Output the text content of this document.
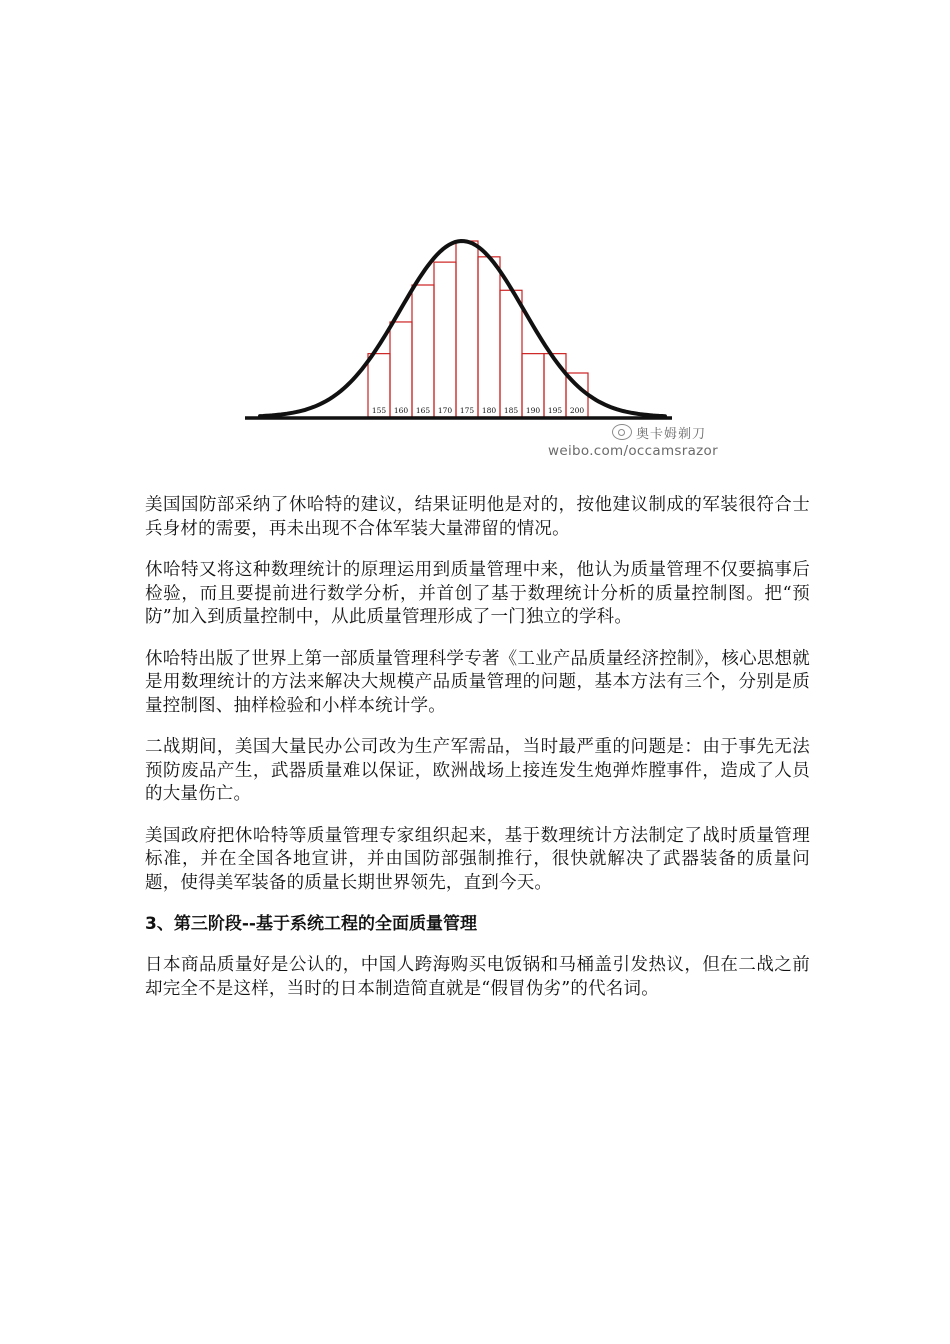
155 160 165 170 175 180 185 190 195 200
奥卡姆剃刀
weibo.com/occamsrazor

美国国防部采纳了休哈特的建议，结果证明他是对的，按他建议制成的军装很符合士兵身材的需要，再未出现不合体军装大量滞留的情况。

休哈特又将这种数理统计的原理运用到质量管理中来，他认为质量管理不仅要搞事后检验，而且要提前进行数学分析，并首创了基于数理统计分析的质量控制图。把“预防”加入到质量控制中，从此质量管理形成了一门独立的学科。

休哈特出版了世界上第一部质量管理科学专著《工业产品质量经济控制》，核心思想就是用数理统计的方法来解决大规模产品质量管理的问题，基本方法有三个，分别是质量控制图、抽样检验和小样本统计学。

二战期间，美国大量民办公司改为生产军需品，当时最严重的问题是：由于事先无法预防废品产生，武器质量难以保证，欧洲战场上接连发生炮弹炸膛事件，造成了人员的大量伤亡。

美国政府把休哈特等质量管理专家组织起来，基于数理统计方法制定了战时质量管理标准，并在全国各地宣讲，并由国防部强制推行，很快就解决了武器装备的质量问题，使得美军装备的质量长期世界领先，直到今天。

3、第三阶段--基于系统工程的全面质量管理

日本商品质量好是公认的，中国人跨海购买电饭锅和马桶盖引发热议，但在二战之前却完全不是这样，当时的日本制造简直就是“假冒伪劣”的代名词。
